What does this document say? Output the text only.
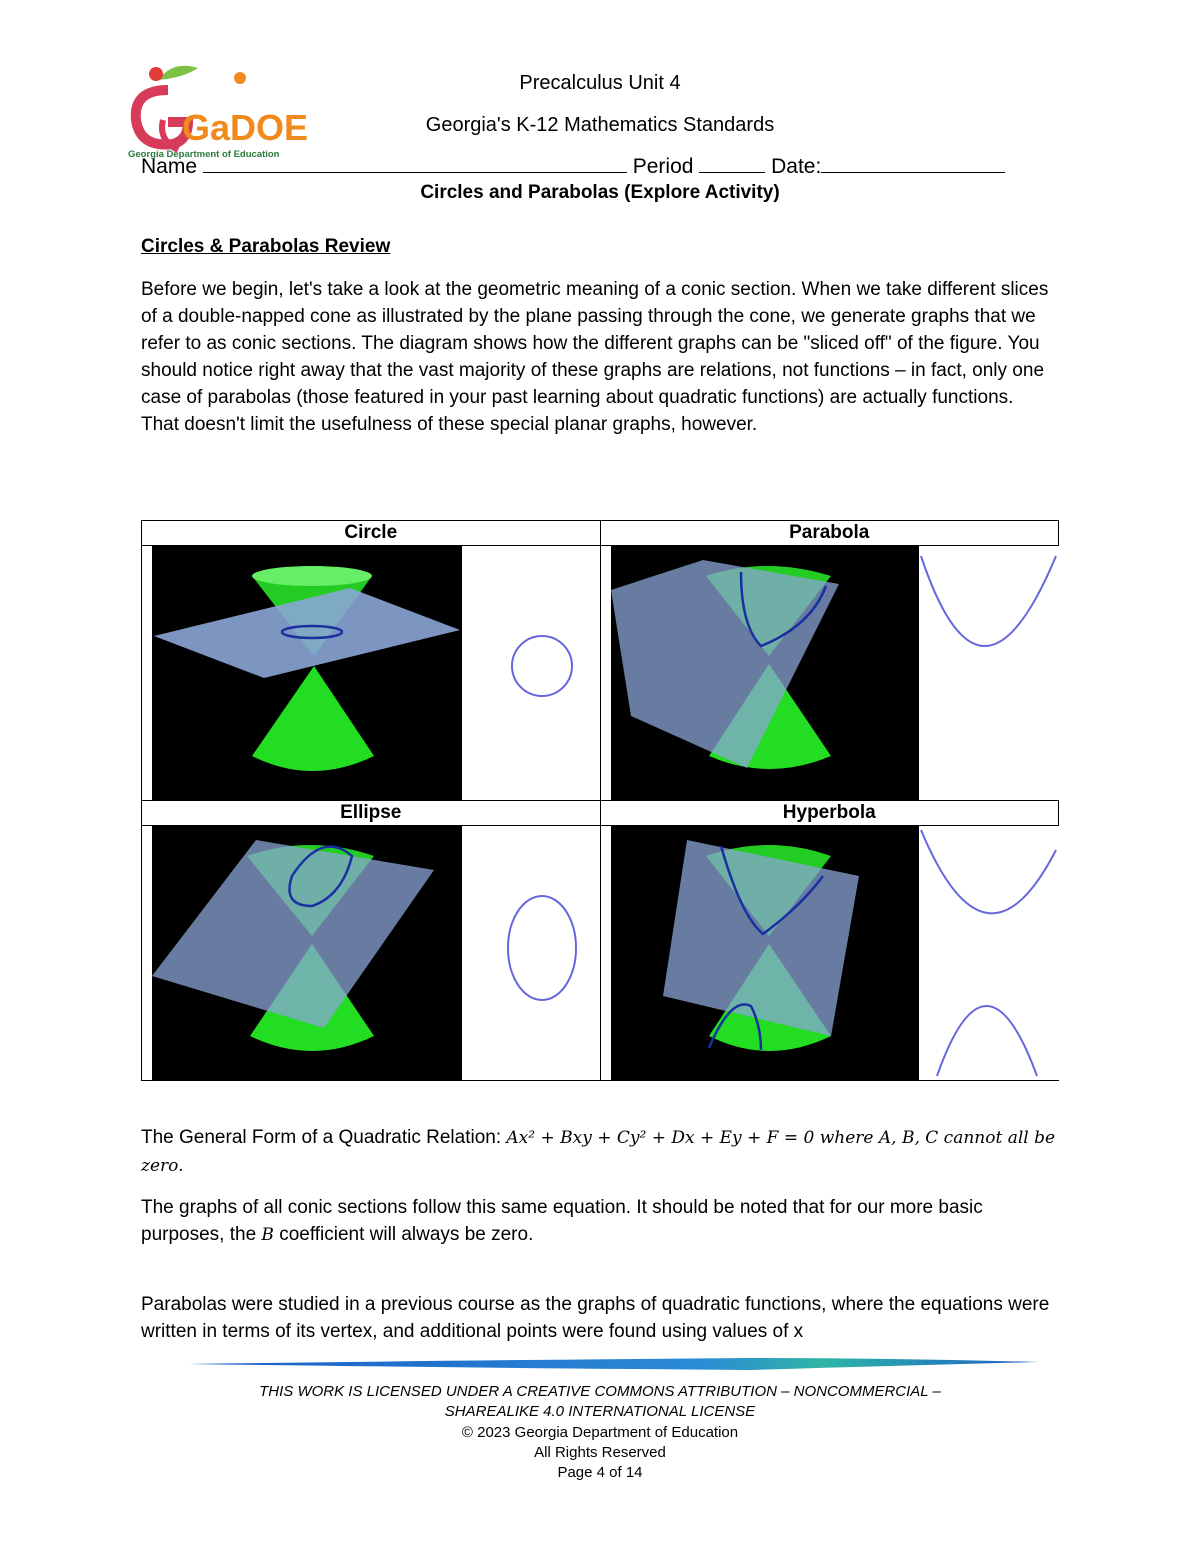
GaDOE
Georgia Department of Education
Precalculus Unit 4
Georgia's K-12 Mathematics Standards
Name	Period	Date:
Circles and Parabolas (Explore Activity)
Circles & Parabolas Review
Before we begin, let's take a look at the geometric meaning of a conic section. When we take different slices of a double-napped cone as illustrated by the plane passing through the cone, we generate graphs that we refer to as conic sections. The diagram shows how the different graphs can be "sliced off" of the figure. You should notice right away that the vast majority of these graphs are relations, not functions – in fact, only one case of parabolas (those featured in your past learning about quadratic functions) are actually functions. That doesn't limit the usefulness of these special planar graphs, however.
Circle	Parabola

Ellipse	Hyperbola

The General Form of a Quadratic Relation: Ax² + Bxy + Cy² + Dx + Ey + F = 0 where A, B, C cannot all be zero.
The graphs of all conic sections follow this same equation. It should be noted that for our more basic purposes, the B coefficient will always be zero.
Parabolas were studied in a previous course as the graphs of quadratic functions, where the equations were written in terms of its vertex, and additional points were found using values of x
THIS WORK IS LICENSED UNDER A CREATIVE COMMONS ATTRIBUTION – NONCOMMERCIAL –
SHAREALIKE 4.0 INTERNATIONAL LICENSE
© 2023 Georgia Department of Education
All Rights Reserved
Page 4 of 14
